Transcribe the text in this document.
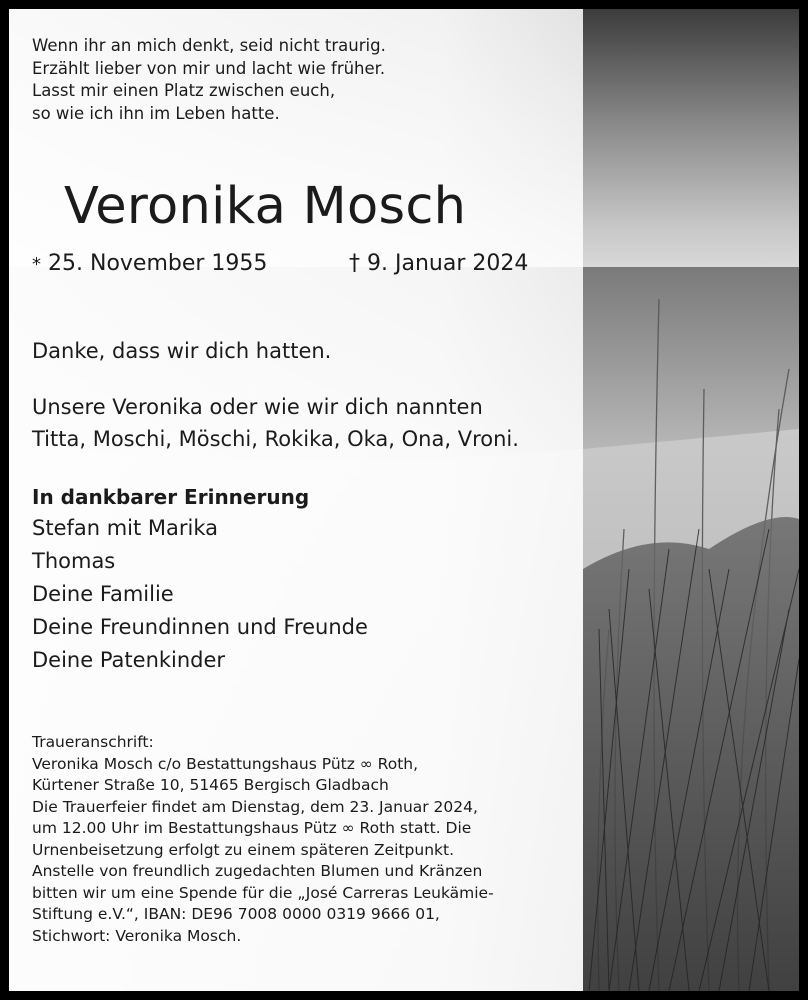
Wenn ihr an mich denkt, seid nicht traurig.
Erzählt lieber von mir und lacht wie früher.
Lasst mir einen Platz zwischen euch,
so wie ich ihn im Leben hatte.
Veronika Mosch
* 25. November 1955	† 9. Januar 2024
Danke, dass wir dich hatten.
Unsere Veronika oder wie wir dich nannten
Titta, Moschi, Möschi, Rokika, Oka, Ona, Vroni.
In dankbarer Erinnerung
Stefan mit Marika
Thomas
Deine Familie
Deine Freundinnen und Freunde
Deine Patenkinder
Traueranschrift:
Veronika Mosch c/o Bestattungshaus Pütz ∞ Roth,
Kürtener Straße 10, 51465 Bergisch Gladbach
Die Trauerfeier findet am Dienstag, dem 23. Januar 2024,
um 12.00 Uhr im Bestattungshaus Pütz ∞ Roth statt. Die
Urnenbeisetzung erfolgt zu einem späteren Zeitpunkt.
Anstelle von freundlich zugedachten Blumen und Kränzen
bitten wir um eine Spende für die „José Carreras Leukämie-
Stiftung e.V.“, IBAN: DE96 7008 0000 0319 9666 01,
Stichwort: Veronika Mosch.
